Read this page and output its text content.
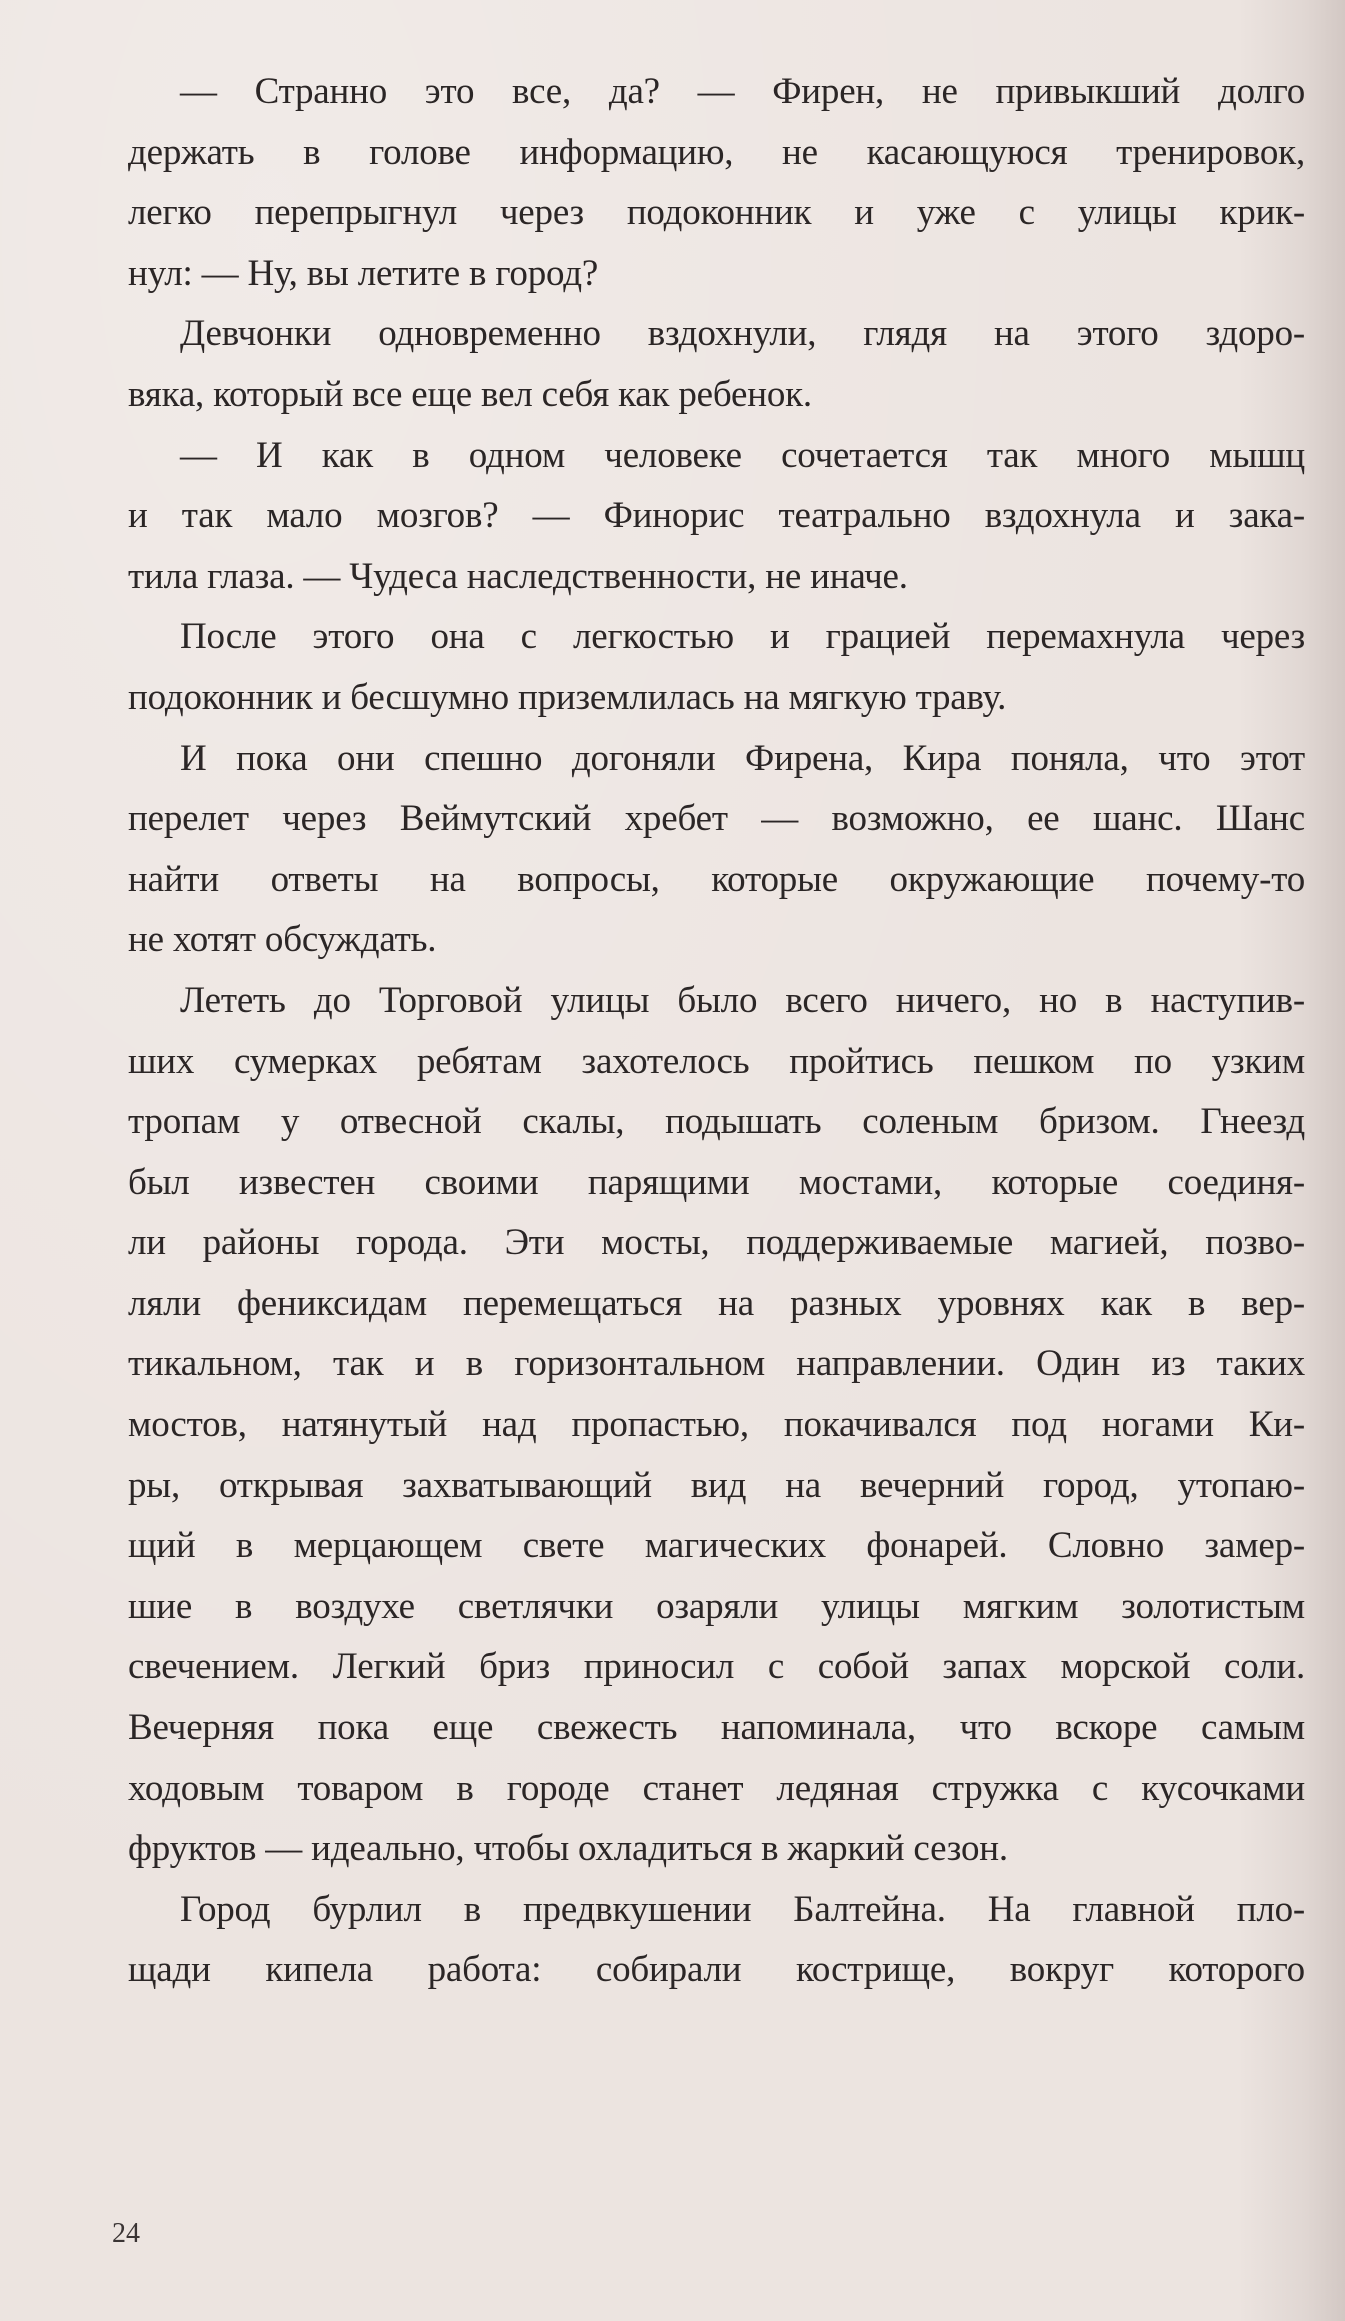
— Странно это все, да? — Фирен, не привыкший долго
держать в голове информацию, не касающуюся тренировок,
легко перепрыгнул через подоконник и уже с улицы крик-
нул: — Ну, вы летите в город?
Девчонки одновременно вздохнули, глядя на этого здоро-
вяка, который все еще вел себя как ребенок.
— И как в одном человеке сочетается так много мышц
и так мало мозгов? — Финорис театрально вздохнула и зака-
тила глаза. — Чудеса наследственности, не иначе.
После этого она с легкостью и грацией перемахнула через
подоконник и бесшумно приземлилась на мягкую траву.
И пока они спешно догоняли Фирена, Кира поняла, что этот
перелет через Веймутский хребет — возможно, ее шанс. Шанс
найти ответы на вопросы, которые окружающие почему-то
не хотят обсуждать.
Лететь до Торговой улицы было всего ничего, но в наступив-
ших сумерках ребятам захотелось пройтись пешком по узким
тропам у отвесной скалы, подышать соленым бризом. Гнеезд
был известен своими парящими мостами, которые соединя-
ли районы города. Эти мосты, поддерживаемые магией, позво-
ляли фениксидам перемещаться на разных уровнях как в вер-
тикальном, так и в горизонтальном направлении. Один из таких
мостов, натянутый над пропастью, покачивался под ногами Ки-
ры, открывая захватывающий вид на вечерний город, утопаю-
щий в мерцающем свете магических фонарей. Словно замер-
шие в воздухе светлячки озаряли улицы мягким золотистым
свечением. Легкий бриз приносил с собой запах морской соли.
Вечерняя пока еще свежесть напоминала, что вскоре самым
ходовым товаром в городе станет ледяная стружка с кусочками
фруктов — идеально, чтобы охладиться в жаркий сезон.
Город бурлил в предвкушении Балтейна. На главной пло-
щади кипела работа: собирали кострище, вокруг которого
24
